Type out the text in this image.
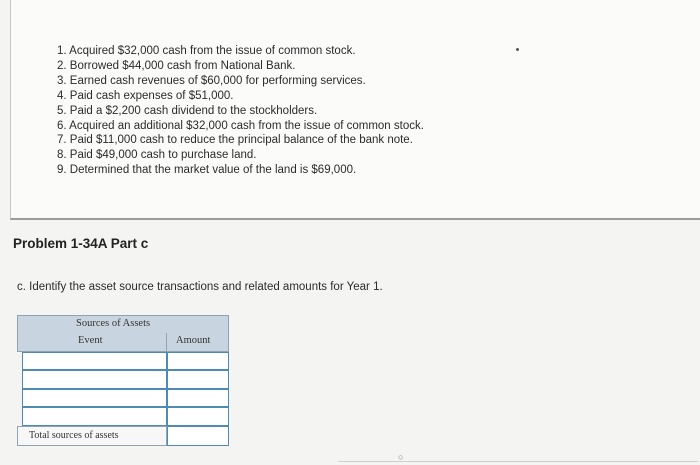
1. Acquired $32,000 cash from the issue of common stock.
2. Borrowed $44,000 cash from National Bank.
3. Earned cash revenues of $60,000 for performing services.
4. Paid cash expenses of $51,000.
5. Paid a $2,200 cash dividend to the stockholders.
6. Acquired an additional $32,000 cash from the issue of common stock.
7. Paid $11,000 cash to reduce the principal balance of the bank note.
8. Paid $49,000 cash to purchase land.
9. Determined that the market value of the land is $69,000.
Problem 1-34A Part c
c. Identify the asset source transactions and related amounts for Year 1.
Sources of Assets
Event	Amount
Total sources of assets
○
